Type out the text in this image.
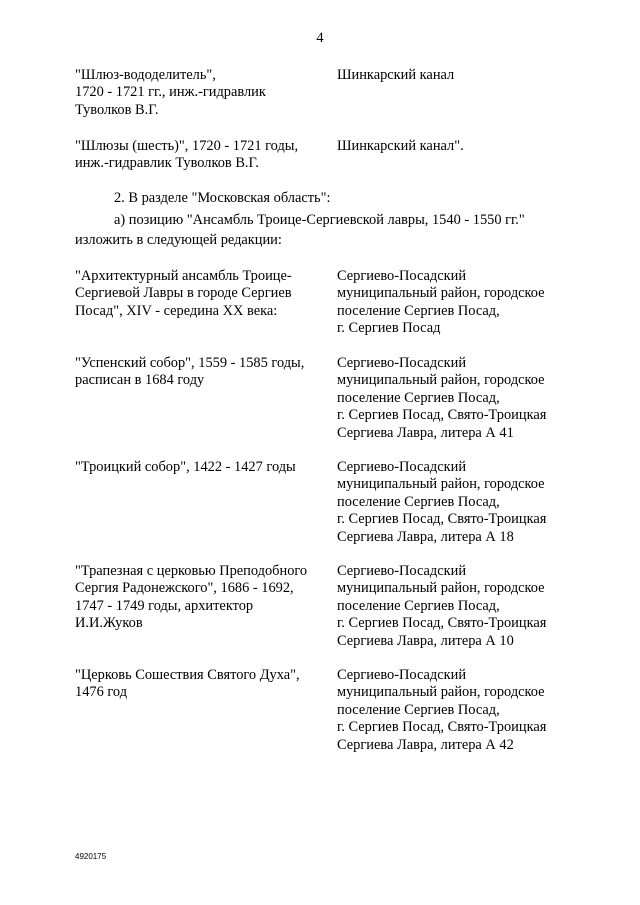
4
"Шлюз-вододелитель",
1720 - 1721 гг., инж.-гидравлик
Туволков В.Г.
Шинкарский канал
"Шлюзы (шесть)", 1720 - 1721 годы,
инж.-гидравлик Туволков В.Г.
Шинкарский канал".
2. В разделе "Московская область":
а) позицию "Ансамбль Троице-Сергиевской лавры, 1540 - 1550 гг."
изложить в следующей редакции:
"Архитектурный ансамбль Троице-
Сергиевой Лавры в городе Сергиев
Посад", XIV - середина XX века:
Сергиево-Посадский
муниципальный район, городское
поселение Сергиев Посад,
г. Сергиев Посад
"Успенский собор", 1559 - 1585 годы,
расписан в 1684 году
Сергиево-Посадский
муниципальный район, городское
поселение Сергиев Посад,
г. Сергиев Посад, Свято-Троицкая
Сергиева Лавра, литера А 41
"Троицкий собор", 1422 - 1427 годы	Сергиево-Посадский
муниципальный район, городское
поселение Сергиев Посад,
г. Сергиев Посад, Свято-Троицкая
Сергиева Лавра, литера А 18
"Трапезная с церковью Преподобного
Сергия Радонежского", 1686 - 1692,
1747 - 1749 годы, архитектор
И.И.Жуков
Сергиево-Посадский
муниципальный район, городское
поселение Сергиев Посад,
г. Сергиев Посад, Свято-Троицкая
Сергиева Лавра, литера А 10
"Церковь Сошествия Святого Духа",
1476 год
Сергиево-Посадский
муниципальный район, городское
поселение Сергиев Посад,
г. Сергиев Посад, Свято-Троицкая
Сергиева Лавра, литера А 42
4920175
